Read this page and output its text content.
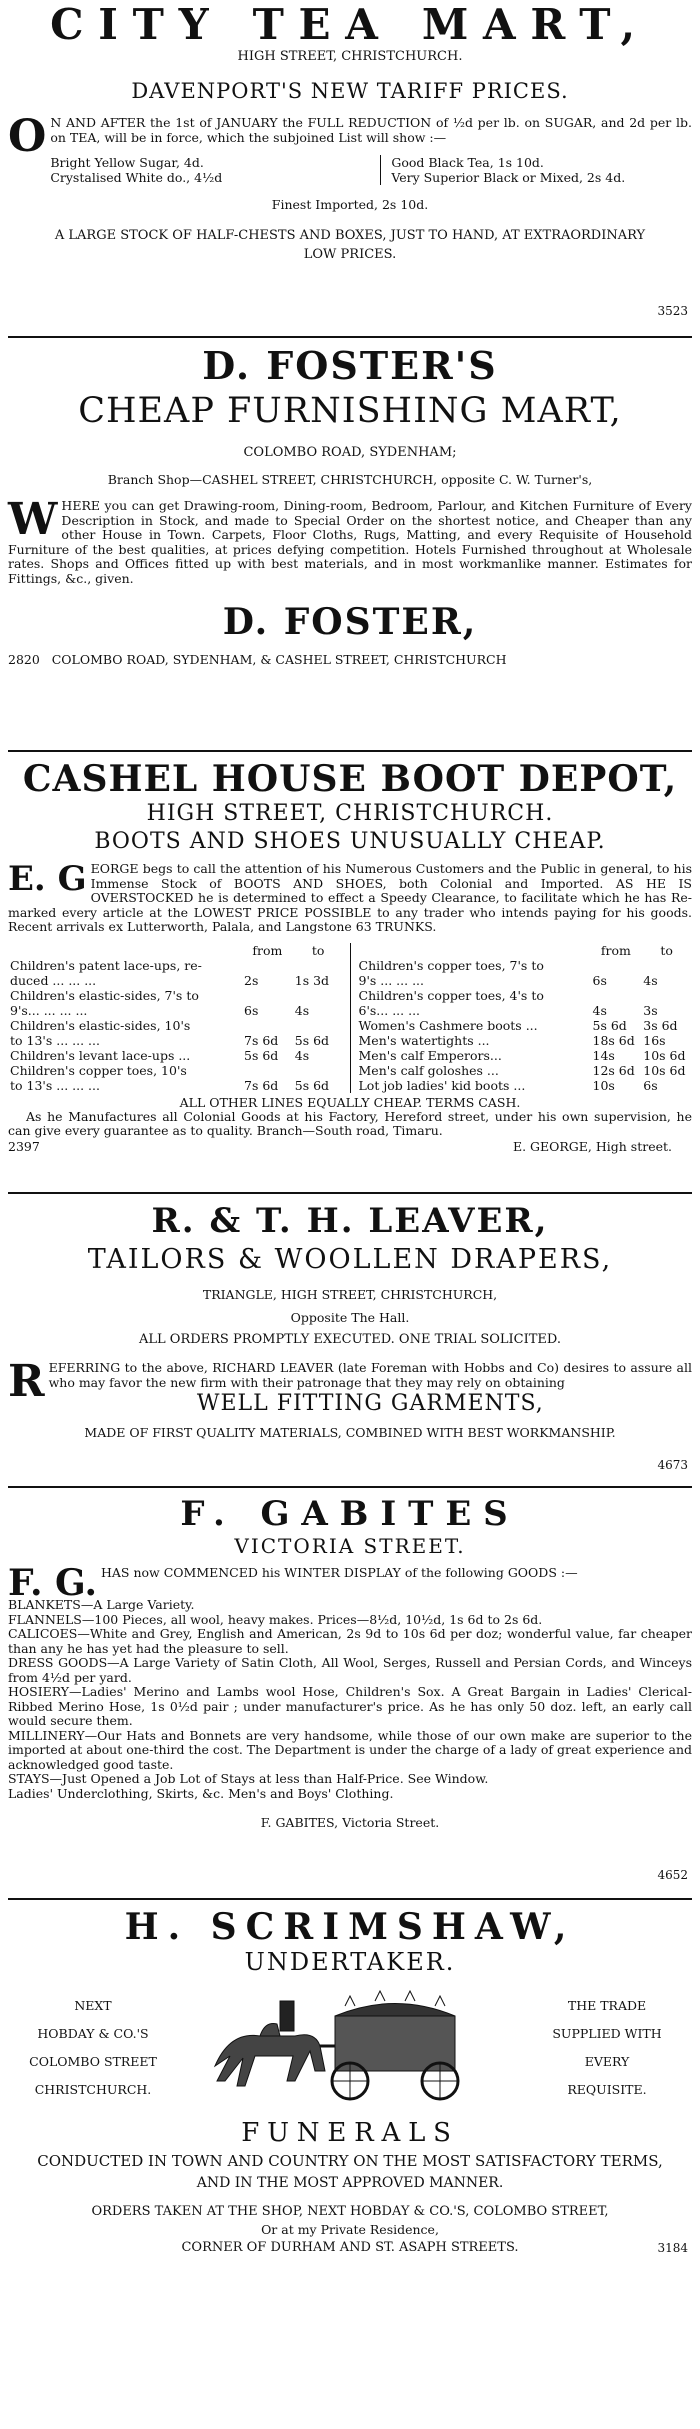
CITY TEA MART,
HIGH STREET, CHRISTCHURCH.
DAVENPORT'S NEW TARIFF PRICES.
O N AND AFTER the 1st of JANUARY the FULL REDUCTION of ½d per lb. on SUGAR, and 2d per lb. on TEA, will be in force, which the subjoined List will show :—
Bright Yellow Sugar, 4d.
Crystalised White do., 4½d
Good Black Tea, 1s 10d.
Very Superior Black or Mixed, 2s 4d.
Finest Imported, 2s 10d.
A LARGE STOCK OF HALF-CHESTS AND BOXES, JUST TO HAND, AT EXTRAORDINARY LOW PRICES.
3523
D. FOSTER'S
CHEAP FURNISHING MART,
COLOMBO ROAD, SYDENHAM;
Branch Shop—CASHEL STREET, CHRISTCHURCH, opposite C. W. Turner's,
W HERE you can get Drawing-room, Dining-room, Bedroom, Parlour, and Kitchen Furniture of Every Description in Stock, and made to Special Order on the shortest notice, and Cheaper than any other House in Town. Carpets, Floor Cloths, Rugs, Matting, and every Requisite of Household Furniture of the best qualities, at prices defying competition. Hotels Furnished throughout at Wholesale rates. Shops and Offices fitted up with best materials, and in most workmanlike manner. Estimates for Fittings, &c., given.
D. FOSTER,
2820 COLOMBO ROAD, SYDENHAM, & CASHEL STREET, CHRISTCHURCH
CASHEL HOUSE BOOT DEPOT,
HIGH STREET, CHRISTCHURCH.
BOOTS AND SHOES UNUSUALLY CHEAP.
E. G EORGE begs to call the attention of his Numerous Customers and the Public in general, to his Immense Stock of BOOTS AND SHOES, both Colonial and Imported. AS HE IS OVERSTOCKED he is determined to effect a Speedy Clearance, to facilitate which he has Re-marked every article at the LOWEST PRICE POSSIBLE to any trader who intends paying for his goods. Recent arrivals ex Lutterworth, Palala, and Langstone 63 TRUNKS.
	from	to
Children's patent lace-ups, re-		
duced ... ... ...	2s	1s 3d
Children's elastic-sides, 7's to		
9's... ... ... ...	6s	4s
Children's elastic-sides, 10's		
to 13's ... ... ...	7s 6d	5s 6d
Children's levant lace-ups ...	5s 6d	4s
Children's copper toes, 10's		
to 13's ... ... ...	7s 6d	5s 6d
	from	to
Children's copper toes, 7's to		
9's ... ... ...	6s	4s
Children's copper toes, 4's to		
6's... ... ...	4s	3s
Women's Cashmere boots ...	5s 6d	3s 6d
Men's watertights ...	18s 6d	16s
Men's calf Emperors...	14s	10s 6d
Men's calf goloshes ...	12s 6d	10s 6d
Lot job ladies' kid boots ...	10s	6s
ALL OTHER LINES EQUALLY CHEAP. TERMS CASH.
As he Manufactures all Colonial Goods at his Factory, Hereford street, under his own supervision, he can give every guarantee as to quality. Branch—South road, Timaru.
2397	E. GEORGE, High street.
R. & T. H. LEAVER,
TAILORS & WOOLLEN DRAPERS,
TRIANGLE, HIGH STREET, CHRISTCHURCH,
Opposite The Hall.
ALL ORDERS PROMPTLY EXECUTED. ONE TRIAL SOLICITED.
R EFERRING to the above, RICHARD LEAVER (late Foreman with Hobbs and Co) desires to assure all who may favor the new firm with their patronage that they may rely on obtaining
WELL FITTING GARMENTS,
MADE OF FIRST QUALITY MATERIALS, COMBINED WITH BEST WORKMANSHIP.
4673
F. GABITES
VICTORIA STREET.
F. G. HAS now COMMENCED his WINTER DISPLAY of the following GOODS :—
BLANKETS—A Large Variety.
FLANNELS—100 Pieces, all wool, heavy makes. Prices—8½d, 10½d, 1s 6d to 2s 6d.
CALICOES—White and Grey, English and American, 2s 9d to 10s 6d per doz; wonderful value, far cheaper than any he has yet had the pleasure to sell.
DRESS GOODS—A Large Variety of Satin Cloth, All Wool, Serges, Russell and Persian Cords, and Winceys from 4½d per yard.
HOSIERY—Ladies' Merino and Lambs wool Hose, Children's Sox. A Great Bargain in Ladies' Clerical-Ribbed Merino Hose, 1s 0½d pair ; under manufacturer's price. As he has only 50 doz. left, an early call would secure them.
MILLINERY—Our Hats and Bonnets are very handsome, while those of our own make are superior to the imported at about one-third the cost. The Department is under the charge of a lady of great experience and acknowledged good taste.
STAYS—Just Opened a Job Lot of Stays at less than Half-Price. See Window.
Ladies' Underclothing, Skirts, &c. Men's and Boys' Clothing.
F. GABITES, Victoria Street.
4652
H. SCRIMSHAW,
UNDERTAKER.
NEXT
HOBDAY & CO.'S
COLOMBO STREET
CHRISTCHURCH.
THE TRADE
SUPPLIED WITH
EVERY
REQUISITE.
FUNERALS
CONDUCTED IN TOWN AND COUNTRY ON THE MOST SATISFACTORY TERMS,
AND IN THE MOST APPROVED MANNER.
ORDERS TAKEN AT THE SHOP, NEXT HOBDAY & CO.'S, COLOMBO STREET,
Or at my Private Residence,
CORNER OF DURHAM AND ST. ASAPH STREETS.	3184
